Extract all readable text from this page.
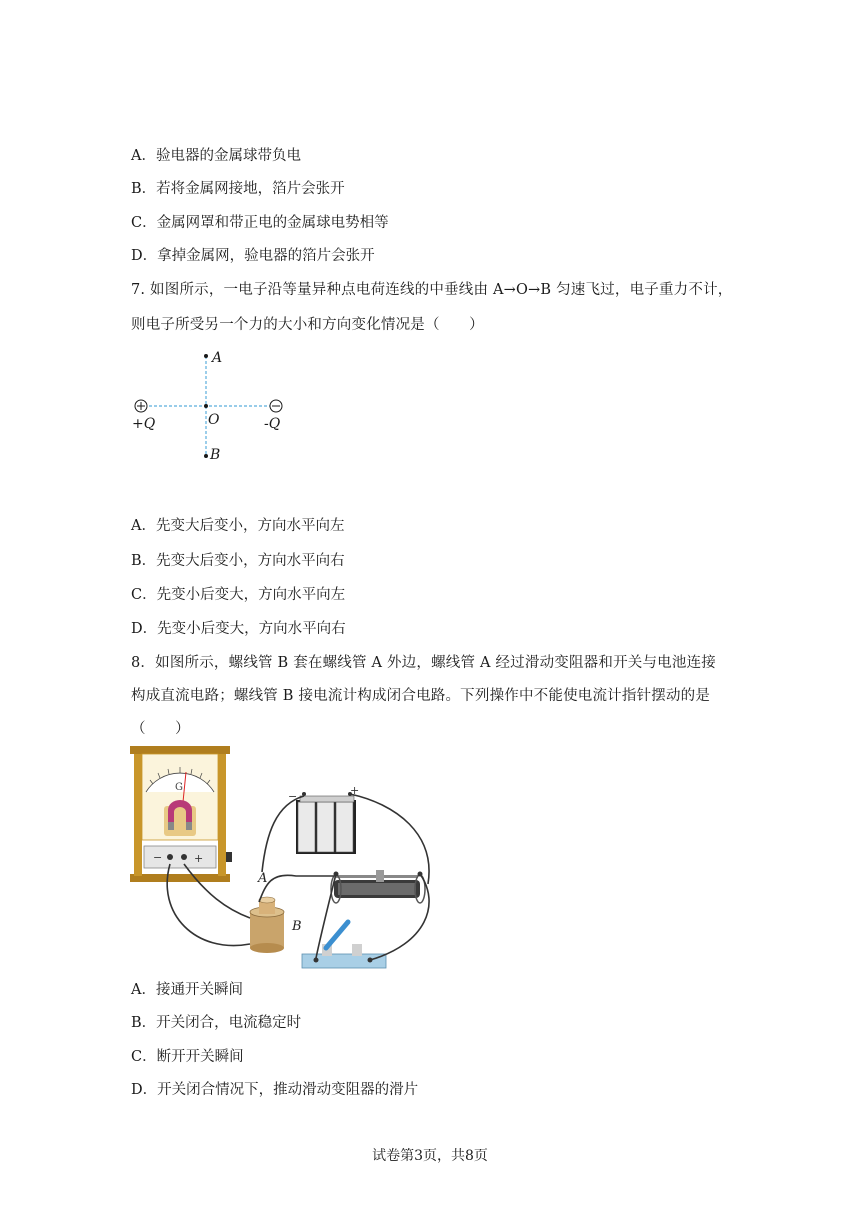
A．验电器的金属球带负电
B．若将金属网接地，箔片会张开
C．金属网罩和带正电的金属球电势相等
D．拿掉金属网，验电器的箔片会张开
7. 如图所示，一电子沿等量异种点电荷连线的中垂线由 A→O→B 匀速飞过，电子重力不计，
则电子所受另一个力的大小和方向变化情况是（　　）
A
O
B
+Q	-Q
A．先变大后变小，方向水平向左
B．先变大后变小，方向水平向右
C．先变小后变大，方向水平向左
D．先变小后变大，方向水平向右
8．如图所示，螺线管 B 套在螺线管 A 外边，螺线管 A 经过滑动变阻器和开关与电池连接
构成直流电路；螺线管 B 接电流计构成闭合电路。下列操作中不能使电流计指针摆动的是
（　　）
G
−	+
−	+
A
B
A．接通开关瞬间
B．开关闭合，电流稳定时
C．断开开关瞬间
D．开关闭合情况下，推动滑动变阻器的滑片
试卷第3页，共8页
